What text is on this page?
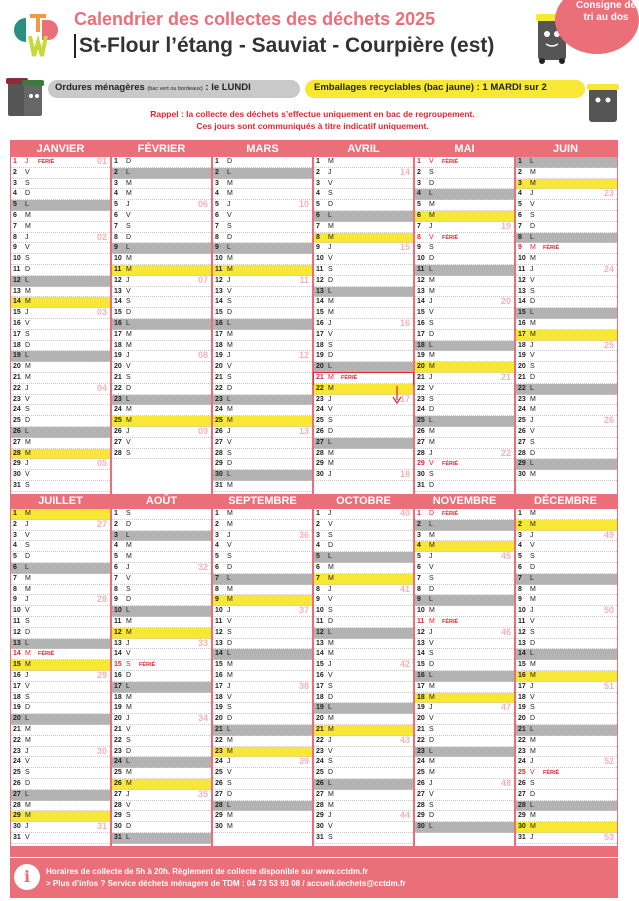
Calendrier des collectes des déchets 2025
St-Flour l’étang - Sauviat - Courpière (est)
Consigne de tri au dos
Ordures ménagères (bac vert ou bordeaux) : le LUNDI	Emballages recyclables (bac jaune) : 1 MARDI sur 2
Rappel : la collecte des déchets s’effectue uniquement en bac de regroupement.
Ces jours sont communiqués à titre indicatif uniquement.
JANVIER
1 J FÉRIÉ	01
2 V
3 S
4 D
5 L
6 M
7 M
8 J	02
9 V
10 S
11 D
12 L
13 M
14 M
15 J	03
16 V
17 S
18 D
19 L
20 M
21 M
22 J	04
23 V
24 S
25 D
26 L
27 M
28 M
29 J	05
30 V
31 S
FÉVRIER
1 D
2 L
3 M
4 M
5 J	06
6 V
7 S
8 D
9 L
10 M
11 M
12 J	07
13 V
14 S
15 D
16 L
17 M
18 M
19 J	08
20 V
21 S
22 D
23 L
24 M
25 M
26 J	09
27 V
28 S
MARS
1 D
2 L
3 M
4 M
5 J	10
6 V
7 S
8 D
9 L
10 M
11 M
12 J	11
13 V
14 S
15 D
16 L
17 M
18 M
19 J	12
20 V
21 S
22 D
23 L
24 M
25 M
26 J	13
27 V
28 S
29 D
30 L
31 M
AVRIL
1 M
2 J	14
3 V
4 S
5 D
6 L
7 M
8 M
9 J	15
10 V
11 S
12 D
13 L
14 M
15 M
16 J	16
17 V
18 S
19 D
20 L
21 M FÉRIÉ
22 M
23 J	17
24 V
25 S
26 D
27 L
28 M
29 M
30 J	18
MAI
1 V FÉRIÉ
2 S
3 D
4 L
5 M
6 M
7 J	19
8 V FÉRIÉ
9 S
10 D
11 L
12 M
13 M
14 J	20
15 V
16 S
17 D
18 L
19 M
20 M
21 J	21
22 V
23 S
24 D
25 L
26 M
27 M
28 J	22
29 V FÉRIÉ
30 S
31 D
JUIN
1 L
2 M
3 M
4 J	23
5 V
6 S
7 D
8 L
9 M FÉRIÉ
10 M
11 J	24
12 V
13 S
14 D
15 L
16 M
17 M
18 J	25
19 V
20 S
21 D
22 L
23 M
24 M
25 J	26
26 V
27 S
28 D
29 L
30 M
JUILLET
1 M
2 J	27
3 V
4 S
5 D
6 L
7 M
8 M
9 J	28
10 V
11 S
12 D
13 L
14 M FÉRIÉ
15 M
16 J	29
17 V
18 S
19 D
20 L
21 M
22 M
23 J	30
24 V
25 S
26 D
27 L
28 M
29 M
30 J	31
31 V
AOÛT
1 S
2 D
3 L
4 M
5 M
6 J	32
7 V
8 S
9 D
10 L
11 M
12 M
13 J	33
14 V
15 S FÉRIÉ
16 D
17 L
18 M
19 M
20 J	34
21 V
22 S
23 D
24 L
25 M
26 M
27 J	35
28 V
29 S
30 D
31 L
SEPTEMBRE
1 M
2 M
3 J	36
4 V
5 S
6 D
7 L
8 M
9 M
10 J	37
11 V
12 S
13 D
14 L
15 M
16 M
17 J	38
18 V
19 S
20 D
21 L
22 M
23 M
24 J	39
25 V
26 S
27 D
28 L
29 M
30 M
OCTOBRE
1 J	40
2 V
3 S
4 D
5 L
6 M
7 M
8 J	41
9 V
10 S
11 D
12 L
13 M
14 M
15 J	42
16 V
17 S
18 D
19 L
20 M
21 M
22 J	43
23 V
24 S
25 D
26 L
27 M
28 M
29 J	44
30 V
31 S
NOVEMBRE
1 D FÉRIÉ
2 L
3 M
4 M
5 J	45
6 V
7 S
8 D
9 L
10 M
11 M FÉRIÉ
12 J	46
13 V
14 S
15 D
16 L
17 M
18 M
19 J	47
20 V
21 S
22 D
23 L
24 M
25 M
26 J	48
27 V
28 S
29 D
30 L
DÉCEMBRE
1 M
2 M
3 J	49
4 V
5 S
6 D
7 L
8 M
9 M
10 J	50
11 V
12 S
13 D
14 L
15 M
16 M
17 J	51
18 V
19 S
20 D
21 L
22 M
23 M
24 J	52
25 V FÉRIÉ
26 S
27 D
28 L
29 M
30 M
31 J	53
i	Horaires de collecte de 5h à 20h. Règlement de collecte disponible sur www.cctdm.fr
> Plus d’infos ? Service déchets ménagers de TDM : 04 73 53 93 08 / accueil.dechets@cctdm.fr
